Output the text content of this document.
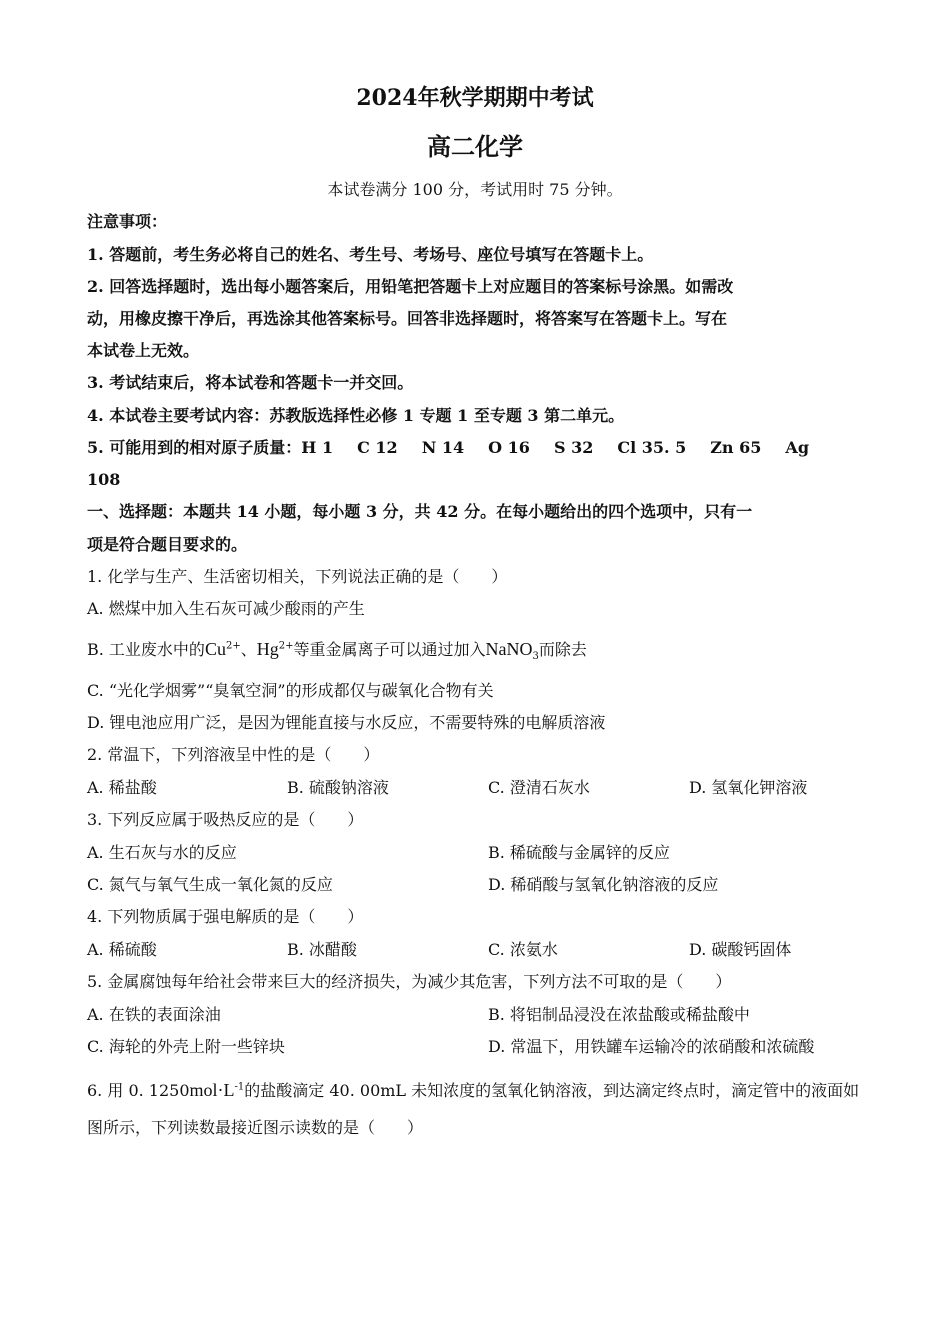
2024年秋学期期中考试
高二化学
本试卷满分 100 分，考试用时 75 分钟。
注意事项：
1. 答题前，考生务必将自己的姓名、考生号、考场号、座位号填写在答题卡上。
2. 回答选择题时，选出每小题答案后，用铅笔把答题卡上对应题目的答案标号涂黑。如需改
动，用橡皮擦干净后，再选涂其他答案标号。回答非选择题时，将答案写在答题卡上。写在
本试卷上无效。
3. 考试结束后，将本试卷和答题卡一并交回。
4. 本试卷主要考试内容：苏教版选择性必修 1 专题 1 至专题 3 第二单元。
5. 可能用到的相对原子质量：H 1 C 12 N 14 O 16 S 32 Cl 35. 5 Zn 65 Ag
108
一、选择题：本题共 14 小题，每小题 3 分，共 42 分。在每小题给出的四个选项中，只有一
项是符合题目要求的。
1. 化学与生产、生活密切相关，下列说法正确的是（　　）
A. 燃煤中加入生石灰可减少酸雨的产生
B. 工业废水中的$Cu^{2+}$、$Hg^{2+}$等重金属离子可以通过加入NaNO$_3$而除去
C. “光化学烟雾”“臭氧空洞”的形成都仅与碳氧化合物有关
D. 锂电池应用广泛，是因为锂能直接与水反应，不需要特殊的电解质溶液
2. 常温下，下列溶液呈中性的是（　　）
A. 稀盐酸	B. 硫酸钠溶液	C. 澄清石灰水	D. 氢氧化钾溶液
3. 下列反应属于吸热反应的是（　　）
A. 生石灰与水的反应	B. 稀硫酸与金属锌的反应
C. 氮气与氧气生成一氧化氮的反应	D. 稀硝酸与氢氧化钠溶液的反应
4. 下列物质属于强电解质的是（　　）
A. 稀硫酸	B. 冰醋酸	C. 浓氨水	D. 碳酸钙固体
5. 金属腐蚀每年给社会带来巨大的经济损失，为减少其危害，下列方法不可取的是（　　）
A. 在铁的表面涂油	B. 将铝制品浸没在浓盐酸或稀盐酸中
C. 海轮的外壳上附一些锌块	D. 常温下，用铁罐车运输冷的浓硝酸和浓硫酸
6. 用 0. $1250mol\cdot L^{-1}$的盐酸滴定 40. 00mL 未知浓度的氢氧化钠溶液，到达滴定终点时，滴定管中的液面如
图所示，下列读数最接近图示读数的是（　　）
